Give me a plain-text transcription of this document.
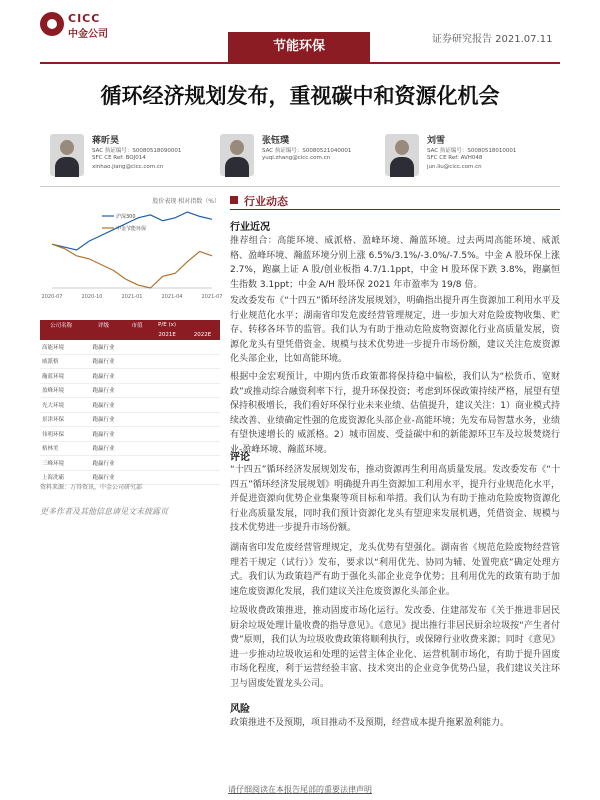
CICC
中金公司
节能环保	证券研究报告 2021.07.11
循环经济规划发布，重视碳中和资源化机会
蒋昕昊
SAC 执证编号：S0080518090001
SFC CE Ref: BOJ014
xinhao.jiang@cicc.com.cn
张钰璞
SAC 执证编号：S0080521040001
yuqi.zhang@cicc.com.cn
刘雪
SAC 执证编号：S0080518010001
SFC CE Ref: AVH048
jun.liu@cicc.com.cn
股价表现 相对指数（%）
沪深300
中金节能环保
2020-07	2020-10	2021-01	2021-04	2021-07
公司名称	评级	市值	P/E (x)	
			2021E	2022E
高能环境	跑赢行业			
威派格	跑赢行业			
瀚蓝环境	跑赢行业			
盈峰环境	跑赢行业			
光大环境	跑赢行业			
景津环保	跑赢行业			
伟明环保	跑赢行业			
格林美	跑赢行业			
三峰环境	跑赢行业			
上海洗霸	跑赢行业			
资料来源：万得资讯，中金公司研究部
更多作者及其他信息请见文末披露页
行业动态
行业近况
推荐组合：高能环境、威派格、盈峰环境、瀚蓝环境。过去两周高能环境、威派格、盈峰环境、瀚蓝环境分别上涨 6.5%/3.1%/-3.0%/-7.5%。中金 A 股环保上涨 2.7%，跑赢上证 A 股/创业板指 4.7/1.1ppt，中金 H 股环保下跌 3.8%，跑赢恒生指数 3.1ppt；中金 A/H 股环保 2021 年市盈率为 19/8 倍。
发改委发布《“十四五”循环经济发展规划》，明确指出提升再生资源加工利用水平及行业规范化水平；湖南省印发危废经营管理规定，进一步加大对危险废物收集、贮存、转移各环节的监管。我们认为有助于推动危险废物资源化行业高质量发展，资源化龙头有望凭借资金、规模与技术优势进一步提升市场份额，建议关注危废资源化头部企业，比如高能环境。
根据中金宏观预计，中期内货币政策都将保持稳中偏松，我们认为“松货币、宽财政”或推动综合融资利率下行，提升环保投资；考虑到环保政策持续严格，展望有望保持积极增长，我们看好环保行业未来业绩、估值提升，建议关注：1）商业模式持续改善、业绩确定性强的危废资源化头部企业-高能环境；先发布局智慧水务，业绩有望快速增长的 威派格。2）城市固废、受益碳中和的新能源环卫车及垃圾焚烧行业-盈峰环境、瀚蓝环境。
评论
“十四五”循环经济发展规划发布，推动资源再生利用高质量发展。发改委发布《“十四五”循环经济发展规划》明确提升再生资源加工利用水平，提升行业规范化水平，并促进资源向优势企业集聚等项目标和举措。我们认为有助于推动危险废物资源化行业高质量发展，同时我们预计资源化龙头有望迎来发展机遇，凭借资金、规模与技术优势进一步提升市场份额。
湖南省印发危废经营管理规定，龙头优势有望强化。湖南省《规范危险废物经营管理若干规定（试行）》发布，要求以“利用优先、协同为辅、处置兜底”确定处理方式。我们认为政策趋严有助于强化头部企业竞争优势；且利用优先的政策有助于加速危废资源化发展，我们建议关注危废资源化头部企业。
垃圾收费政策推进，推动固废市场化运行。发改委、住建部发布《关于推进非居民厨余垃圾处理计量收费的指导意见》。《意见》提出推行非居民厨余垃圾按“产生者付费”原则，我们认为垃圾收费政策将顺利执行，或保障行业收费来源；同时《意见》进一步推动垃圾收运和处理的运营主体企业化、运营机制市场化，有助于提升固废市场化程度，利于运营经验丰富、技术突出的企业竞争优势凸显，我们建议关注环卫与固废处置龙头公司。
风险
政策推进不及预期，项目推动不及预期，经营成本提升拖累盈利能力。
请仔细阅读在本报告尾部的重要法律声明
